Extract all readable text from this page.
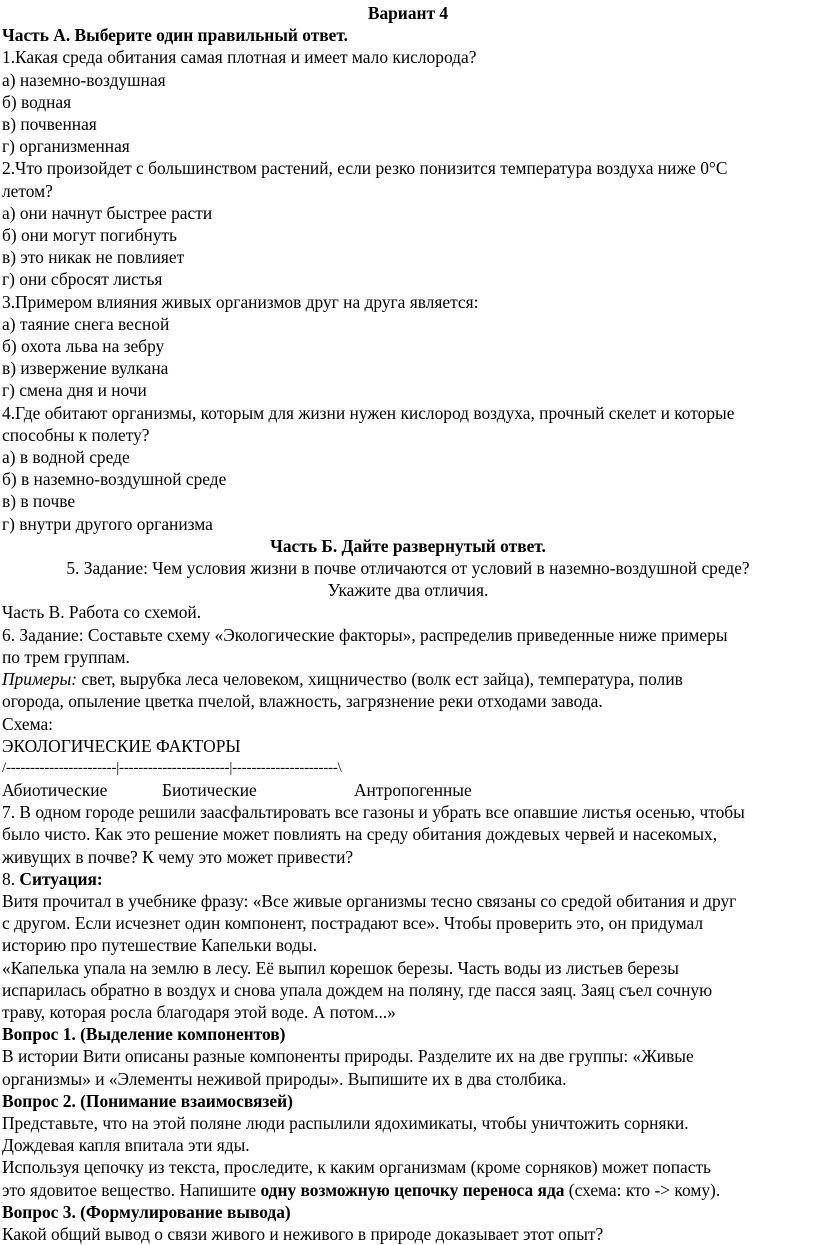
Вариант 4

Часть А. Выберите один правильный ответ.

1.Какая среда обитания самая плотная и имеет мало кислорода?

а) наземно-воздушная

б) водная

в) почвенная

г) организменная

2.Что произойдет с большинством растений, если резко понизится температура воздуха ниже 0°С

летом?

а) они начнут быстрее расти

б) они могут погибнуть

в) это никак не повлияет

г) они сбросят листья

3.Примером влияния живых организмов друг на друга является:

а) таяние снега весной

б) охота льва на зебру

в) извержение вулкана

г) смена дня и ночи

4.Где обитают организмы, которым для жизни нужен кислород воздуха, прочный скелет и которые

способны к полету?

а) в водной среде

б) в наземно-воздушной среде

в) в почве

г) внутри другого организма

Часть Б. Дайте развернутый ответ.

5. Задание: Чем условия жизни в почве отличаются от условий в наземно-воздушной среде?

Укажите два отличия.

Часть В. Работа со схемой.

6. Задание: Составьте схему «Экологические факторы», распределив приведенные ниже примеры

по трем группам.

Примеры: свет, вырубка леса человеком, хищничество (волк ест зайца), температура, полив

огорода, опыление цветка пчелой, влажность, загрязнение реки отходами завода.

Схема:

ЭКОЛОГИЧЕСКИЕ ФАКТОРЫ

/-----------------------|-----------------------|----------------------\

Абиотические	Биотические	Антропогенные

7. В одном городе решили заасфальтировать все газоны и убрать все опавшие листья осенью, чтобы

было чисто. Как это решение может повлиять на среду обитания дождевых червей и насекомых,

живущих в почве? К чему это может привести?

8. Ситуация:

Витя прочитал в учебнике фразу: «Все живые организмы тесно связаны со средой обитания и друг

с другом. Если исчезнет один компонент, пострадают все». Чтобы проверить это, он придумал

историю про путешествие Капельки воды.

«Капелька упала на землю в лесу. Её выпил корешок березы. Часть воды из листьев березы

испарилась обратно в воздух и снова упала дождем на поляну, где пасся заяц. Заяц съел сочную

траву, которая росла благодаря этой воде. А потом...»

Вопрос 1. (Выделение компонентов)

В истории Вити описаны разные компоненты природы. Разделите их на две группы: «Живые

организмы» и «Элементы неживой природы». Выпишите их в два столбика.

Вопрос 2. (Понимание взаимосвязей)

Представьте, что на этой поляне люди распылили ядохимикаты, чтобы уничтожить сорняки.

Дождевая капля впитала эти яды.

Используя цепочку из текста, проследите, к каким организмам (кроме сорняков) может попасть

это ядовитое вещество. Напишите одну возможную цепочку переноса яда (схема: кто -> кому).

Вопрос 3. (Формулирование вывода)

Какой общий вывод о связи живого и неживого в природе доказывает этот опыт?
